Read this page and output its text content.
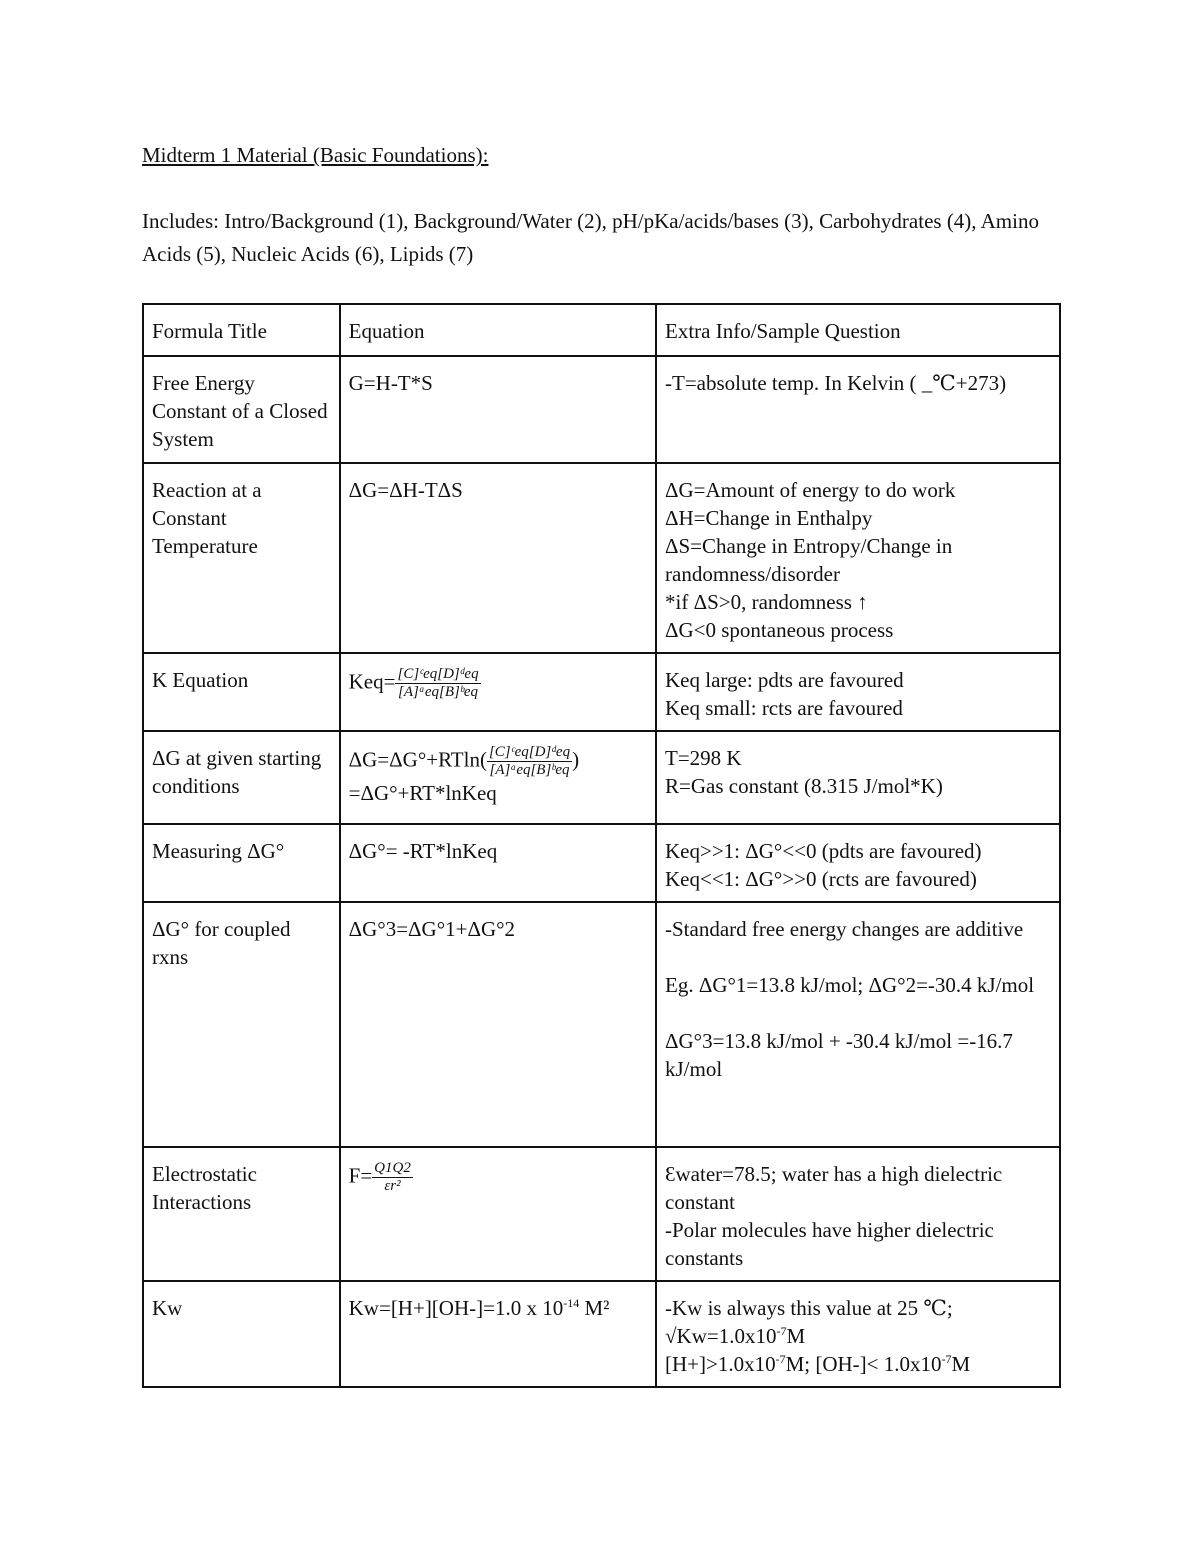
Midterm 1 Material (Basic Foundations):

Includes: Intro/Background (1), Background/Water (2), pH/pKa/acids/bases (3), Carbohydrates (4), Amino Acids (5), Nucleic Acids (6), Lipids (7)

Formula Title	Equation	Extra Info/Sample Question
Free Energy Constant of a Closed System	G=H-T*S	-T=absolute temp. In Kelvin ( _℃+273)

Reaction at a Constant Temperature	ΔG=ΔH-TΔS	ΔG=Amount of energy to do work
ΔH=Change in Enthalpy
ΔS=Change in Entropy/Change in randomness/disorder
*if ΔS>0, randomness ↑
ΔG<0 spontaneous process

K Equation	$Keq= \frac{\text{[C]ᶜeq[D]ᵈeq}}{\text{[A]ᵃeq[B]ᵇeq}}$	Keq large: pdts are favoured
Keq small: rcts are favoured

ΔG at given starting conditions	$\Delta G=\Delta G^\circ+RTln( \frac{\text{[C]ᶜeq[D]ᵈeq}}{\text{[A]ᵃeq[B]ᵇeq}}$ )
=ΔG°+RT*lnKeq	T=298 K
R=Gas constant (8.315 J/mol*K)

Measuring ΔG°	ΔG°= -RT*lnKeq	Keq>>1: ΔG°<<0 (pdts are favoured)
Keq<<1: ΔG°>>0 (rcts are favoured)

ΔG° for coupled rxns	ΔG°3=ΔG°1+ΔG°2	-Standard free energy changes are additive
Eg. ΔG°1=13.8 kJ/mol; ΔG°2=-30.4 kJ/mol
ΔG°3=13.8 kJ/mol + -30.4 kJ/mol =-16.7 kJ/mol

Electrostatic Interactions	$F= \frac{Q1Q2}{\text{εr²}}$	Ɛwater=78.5; water has a high dielectric constant
-Polar molecules have higher dielectric constants

Kw	Kw=[H+][OH-]=1.0 x $10^{-14}$ M²	-Kw is always this value at 25 ℃;
$√Kw=1.0x10^{-7}M$
$[H+]>1.0x10^{-7}M$; $[OH-]< 1.0x10^{-7}M$
